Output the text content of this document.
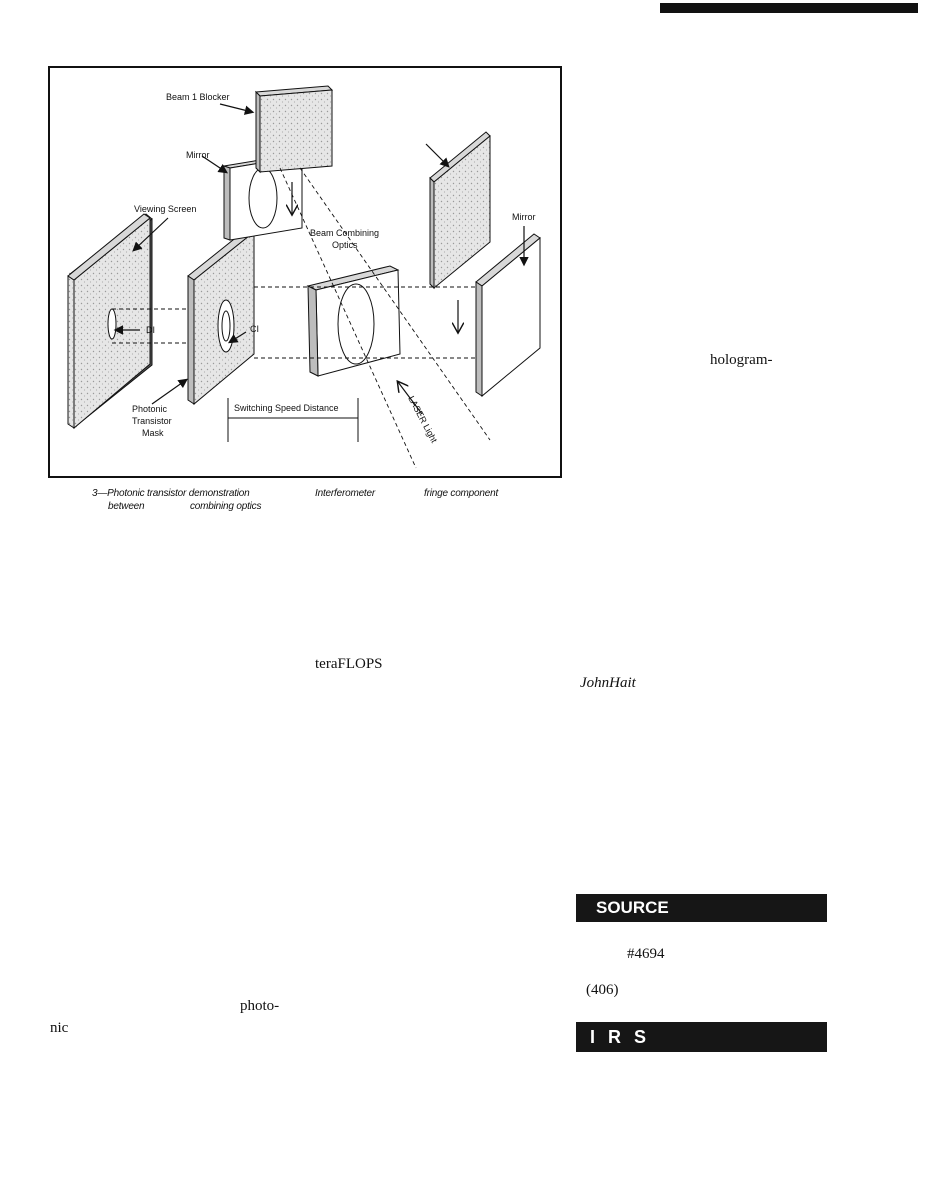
Beam 1 Blocker
Mirror
Viewing Screen
Beam Combining
Optics
Mirror
DI	CI
Photonic
Transistor
Mask
Switching Speed Distance	LASER Light
3—Photonic transistor demonstration	Interferometer	fringe component
between	combining optics
teraFLOPS
photo-
nic
hologram-
JohnHait
#4694
(406)
SOURCE
I R S
